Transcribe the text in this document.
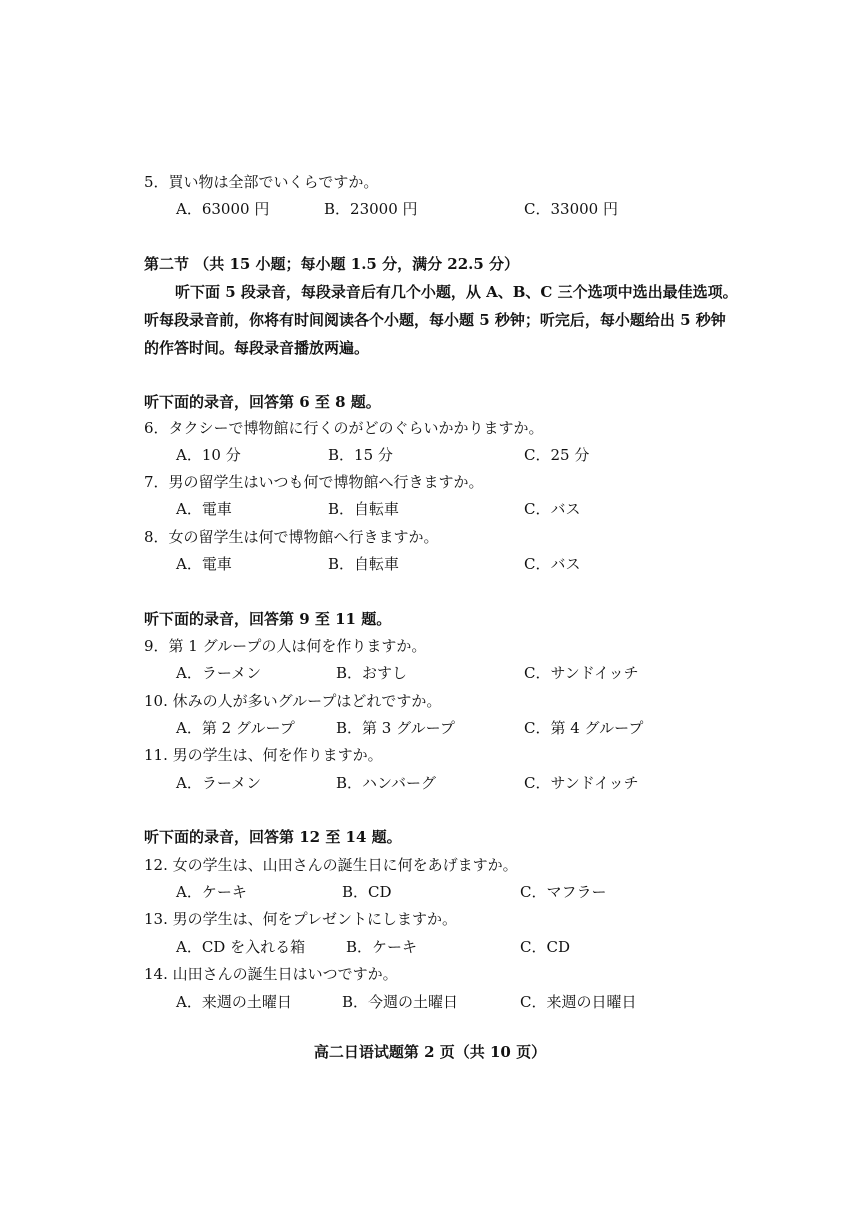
5．買い物は全部でいくらですか。
A．63000 円	B．23000 円	C．33000 円
第二节 （共 15 小题；每小题 1.5 分，满分 22.5 分）
听下面 5 段录音，每段录音后有几个小题，从 A、B、C 三个选项中选出最佳选项。
听每段录音前，你将有时间阅读各个小题，每小题 5 秒钟；听完后，每小题给出 5 秒钟
的作答时间。每段录音播放两遍。
听下面的录音，回答第 6 至 8 题。
6．タクシーで博物館に行くのがどのぐらいかかりますか。
A．10 分	B．15 分	C．25 分
7．男の留学生はいつも何で博物館へ行きますか。
A．電車	B．自転車	C．バス
8．女の留学生は何で博物館へ行きますか。
A．電車	B．自転車	C．バス
听下面的录音，回答第 9 至 11 题。
9．第 1 グループの人は何を作りますか。
A．ラーメン	B．おすし	C．サンドイッチ
10. 休みの人が多いグループはどれですか。
A．第 2 グループ	B．第 3 グループ	C．第 4 グループ
11. 男の学生は、何を作りますか。
A．ラーメン	B．ハンバーグ	C．サンドイッチ
听下面的录音，回答第 12 至 14 题。
12. 女の学生は、山田さんの誕生日に何をあげますか。
A．ケーキ	B．CD	C．マフラー
13. 男の学生は、何をプレゼントにしますか。
A．CD を入れる箱	B．ケーキ	C．CD
14. 山田さんの誕生日はいつですか。
A．来週の土曜日	B．今週の土曜日	C．来週の日曜日
高二日语试题第 2 页（共 10 页）
